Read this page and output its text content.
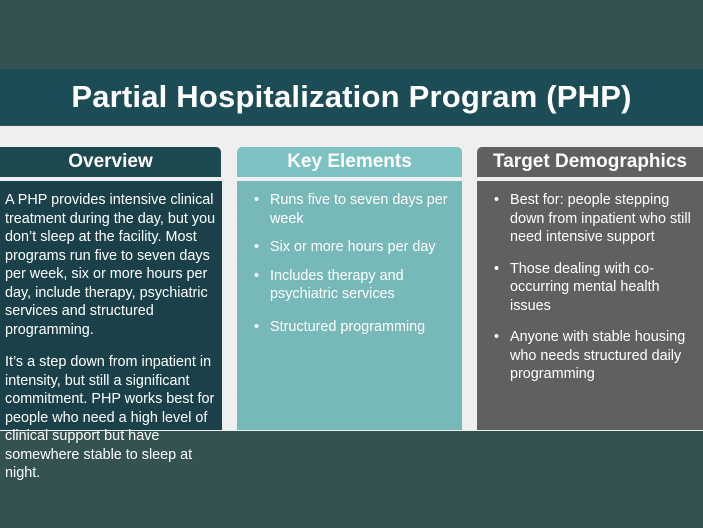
Partial Hospitalization Program (PHP)
Overview

A PHP provides intensive clinical treatment during the day, but you don’t sleep at the facility. Most programs run five to seven days per week, six or more hours per day, include therapy, psychiatric services and structured programming.

It’s a step down from inpatient in intensity, but still a significant commitment. PHP works best for people who need a high level of clinical support but have somewhere stable to sleep at night.

Key Elements
• Runs five to seven days per week
• Six or more hours per day
• Includes therapy and psychiatric services
• Structured programming
Target Demographics
• Best for: people stepping down from inpatient who still need intensive support
• Those dealing with co-occurring mental health issues
• Anyone with stable housing who needs structured daily programming
